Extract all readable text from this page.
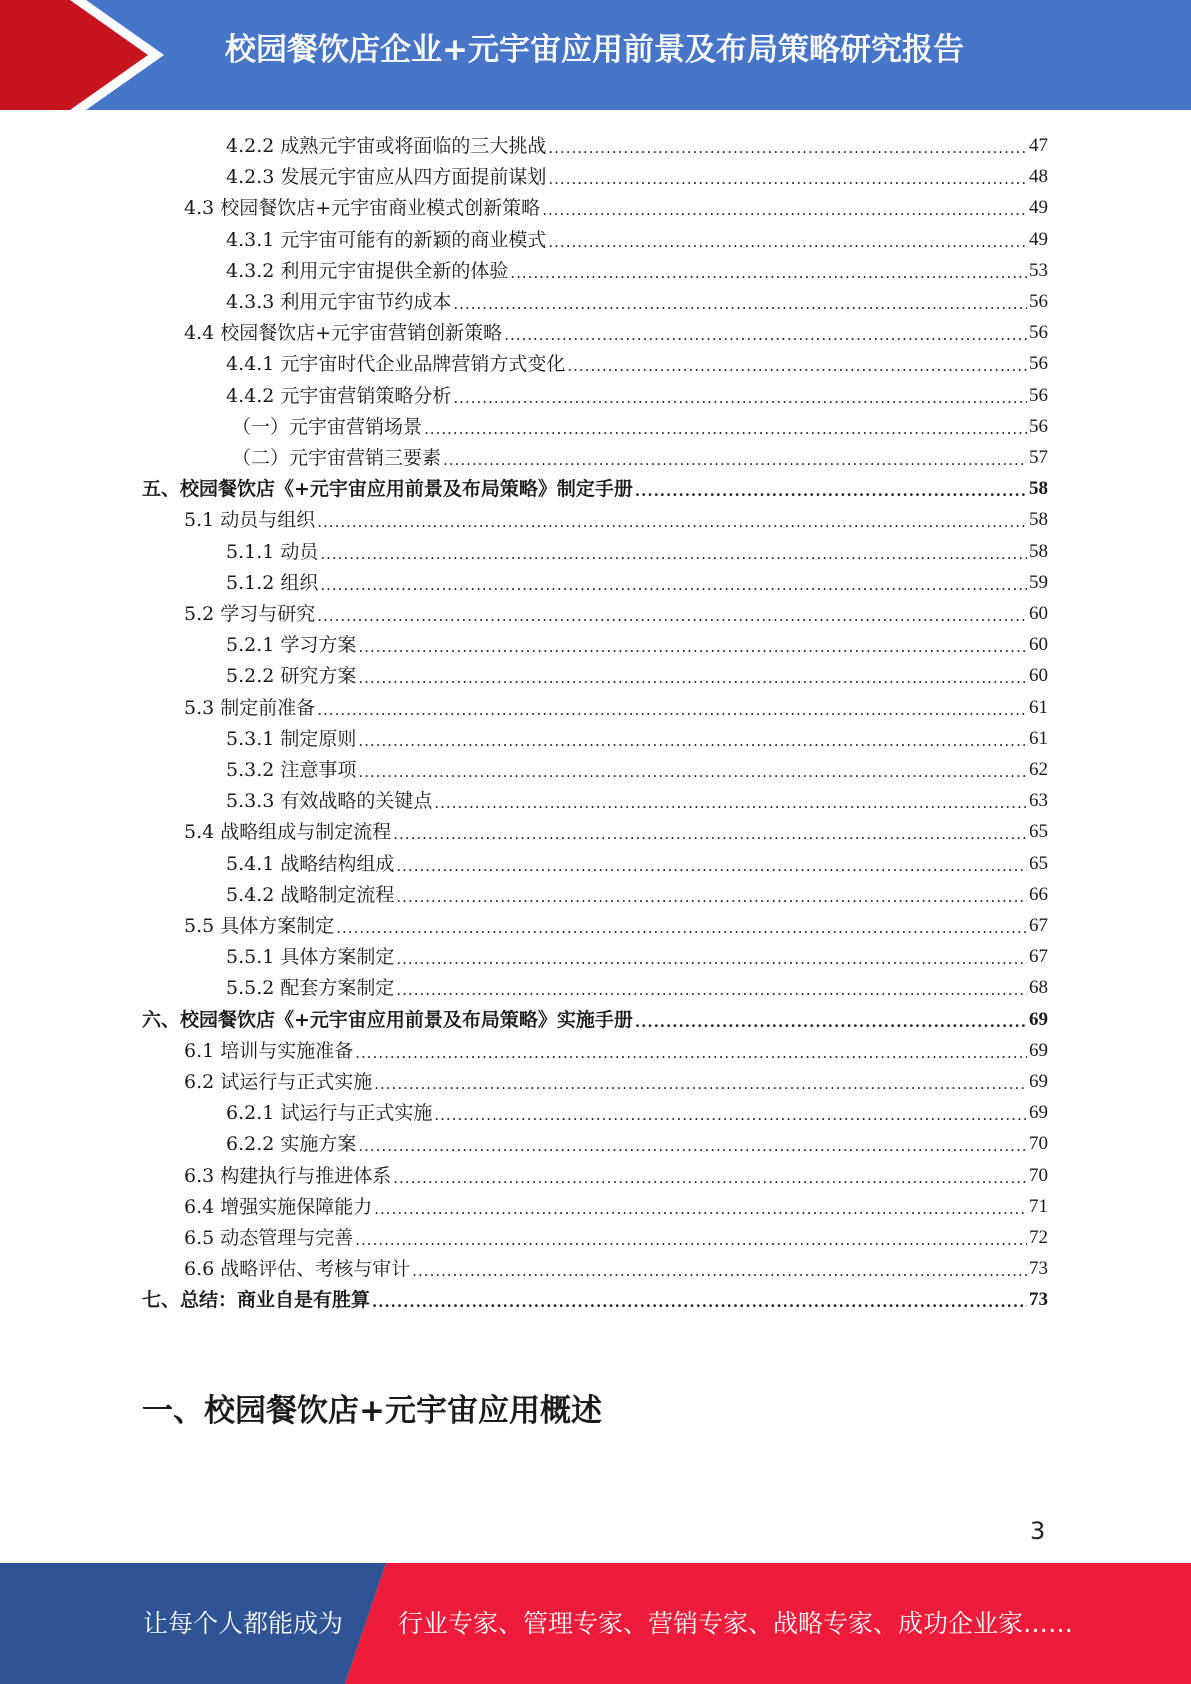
校园餐饮店企业+元宇宙应用前景及布局策略研究报告
4.2.2 成熟元宇宙或将面临的三大挑战 .....	47
4.2.3 发展元宇宙应从四方面提前谋划 .....	48
4.3 校园餐饮店+元宇宙商业模式创新策略 .....	49
4.3.1 元宇宙可能有的新颖的商业模式 .....	49
4.3.2 利用元宇宙提供全新的体验 .....	53
4.3.3 利用元宇宙节约成本 .....	56
4.4 校园餐饮店+元宇宙营销创新策略 .....	56
4.4.1 元宇宙时代企业品牌营销方式变化 .....	56
4.4.2 元宇宙营销策略分析 .....	56
（一）元宇宙营销场景 .....	56
（二）元宇宙营销三要素 .....	57
五、校园餐饮店《+元宇宙应用前景及布局策略》制定手册 .....	58
5.1 动员与组织 .....	58
5.1.1 动员 .....	58
5.1.2 组织 .....	59
5.2 学习与研究 .....	60
5.2.1 学习方案 .....	60
5.2.2 研究方案 .....	60
5.3 制定前准备 .....	61
5.3.1 制定原则 .....	61
5.3.2 注意事项 .....	62
5.3.3 有效战略的关键点 .....	63
5.4 战略组成与制定流程 .....	65
5.4.1 战略结构组成 .....	65
5.4.2 战略制定流程 .....	66
5.5 具体方案制定 .....	67
5.5.1 具体方案制定 .....	67
5.5.2 配套方案制定 .....	68
六、校园餐饮店《+元宇宙应用前景及布局策略》实施手册 .....	69
6.1 培训与实施准备 .....	69
6.2 试运行与正式实施 .....	69
6.2.1 试运行与正式实施 .....	69
6.2.2 实施方案 .....	70
6.3 构建执行与推进体系 .....	70
6.4 增强实施保障能力 .....	71
6.5 动态管理与完善 .....	72
6.6 战略评估、考核与审计 .....	73
七、总结：商业自是有胜算 .....	73
一、校园餐饮店+元宇宙应用概述
3
让每个人都能成为 行业专家、管理专家、营销专家、战略专家、成功企业家……
